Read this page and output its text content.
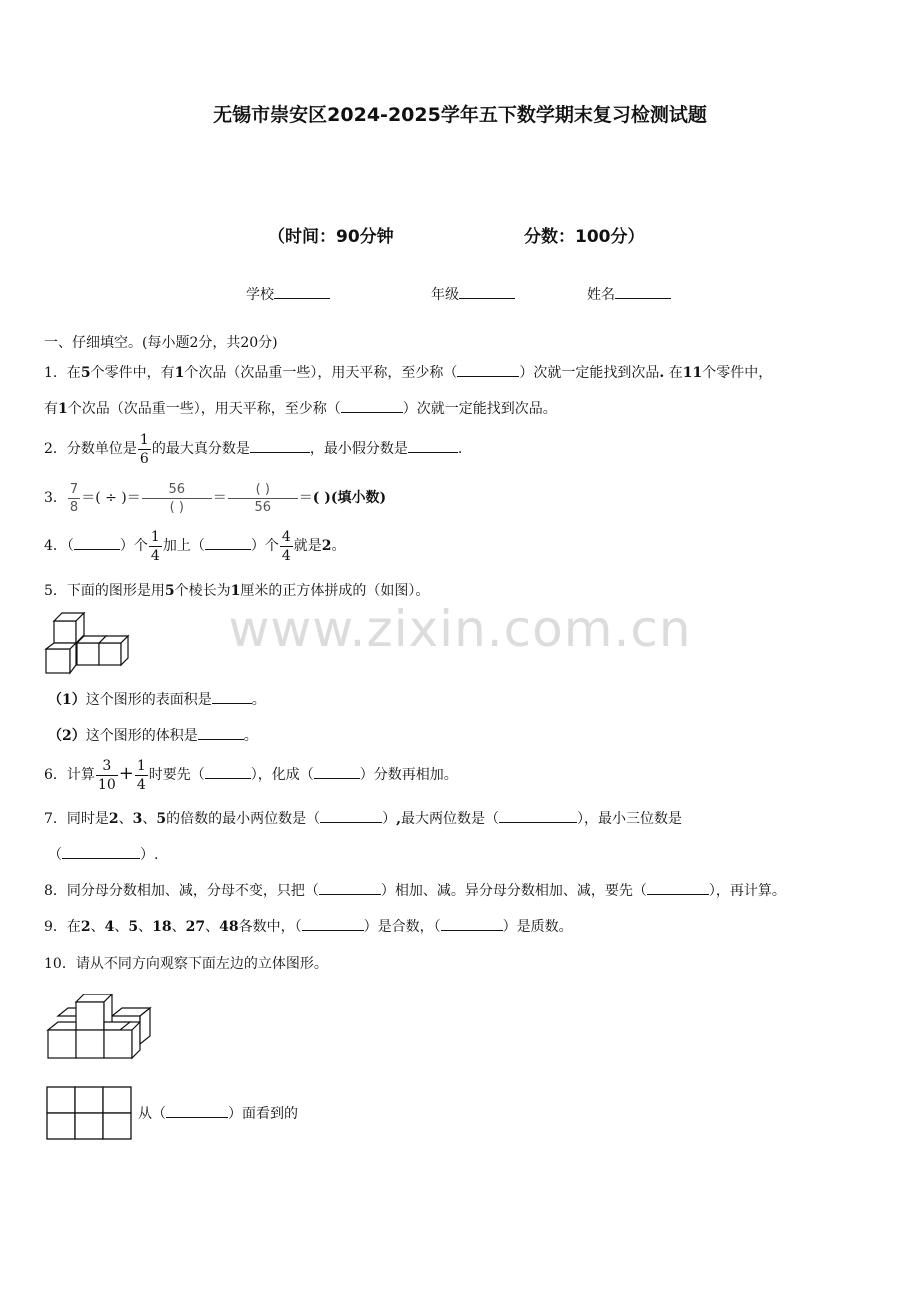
无锡市崇安区2024-2025学年五下数学期末复习检测试题
（时间：90分钟	分数：100分）
学校	年级	姓名
一、仔细填空。(每小题2分，共20分)
1．在5个零件中，有1个次品（次品重一些），用天平称，至少称（	）次就一定能找到次品. 在11个零件中，
有1个次品（次品重一些），用天平称，至少称（	）次就一定能找到次品。
2．分数单位是 $\frac{1}{6}$ 的最大真分数是	，最小假分数是	.
3． $\frac{7}{8}$ ＝( ÷ )＝ $\frac{56}{( )} = \frac{( )}{56}$ ＝( )(填小数)
4．（	）个 $\frac{1}{4}$ 加上（	）个 $\frac{4}{4}$ 就是2。
5．下面的图形是用5个棱长为1厘米的正方体拼成的（如图）。
www.zixin.com.cn
（1）这个图形的表面积是	。
（2）这个图形的体积是	。
6．计算 $\frac{3}{10} + \frac{1}{4}$ 时要先（	），化成（	）分数再相加。
7．同时是2、3、5的倍数的最小两位数是（	）,最大两位数是（	），最小三位数是
（	）.
8．同分母分数相加、减，分母不变，只把（	）相加、减。异分母分数相加、减，要先（	），再计算。
9．在2、4、5、18、27、48各数中，（	）是合数，（	）是质数。
10．请从不同方向观察下面左边的立体图形。
从（	）面看到的
